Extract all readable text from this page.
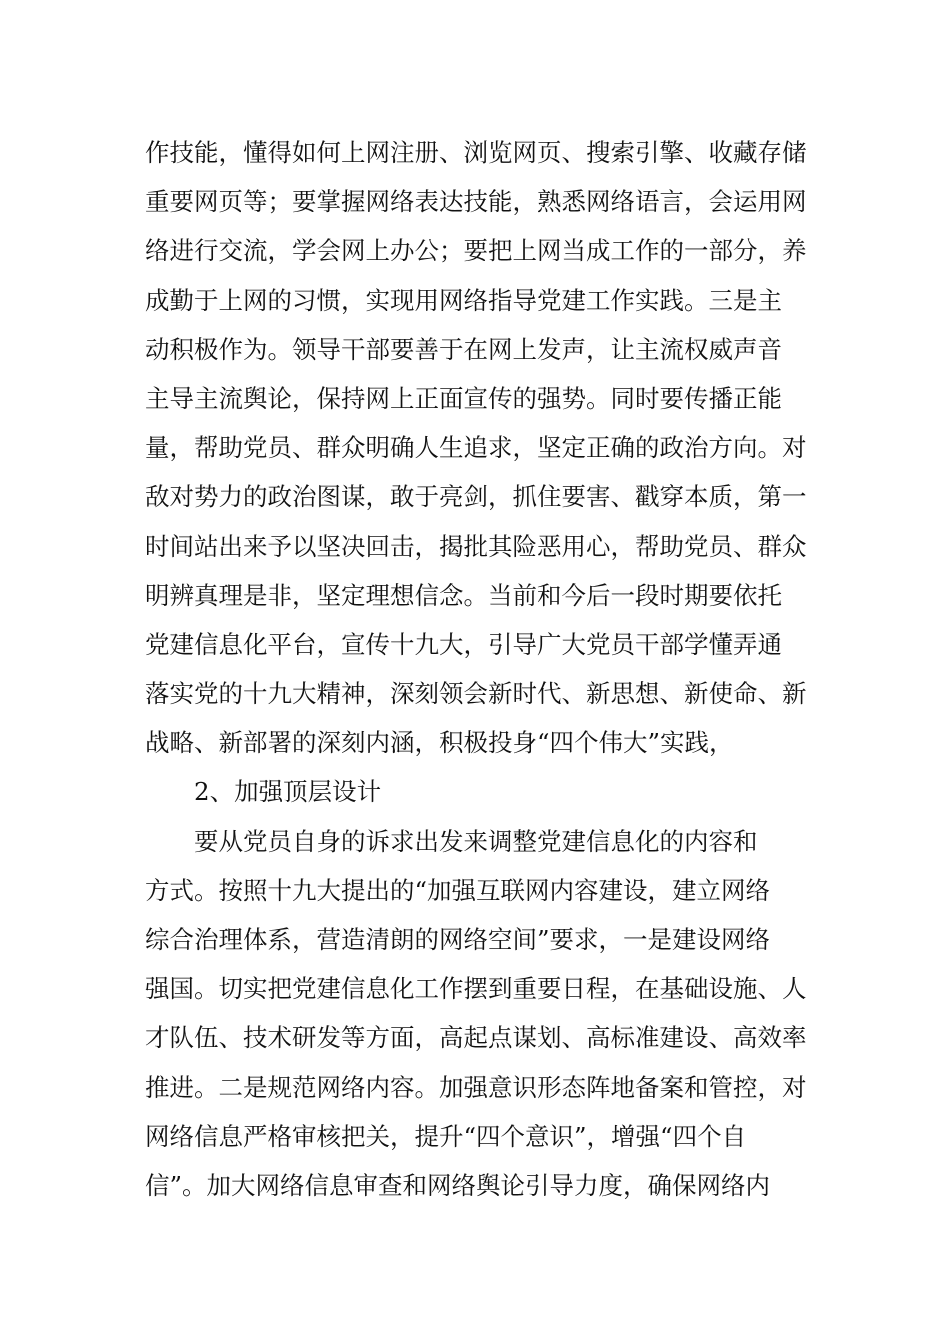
作技能，懂得如何上网注册、浏览网页、搜索引擎、收藏存储
重要网页等；要掌握网络表达技能，熟悉网络语言，会运用网
络进行交流，学会网上办公；要把上网当成工作的一部分，养
成勤于上网的习惯，实现用网络指导党建工作实践。三是主
动积极作为。领导干部要善于在网上发声，让主流权威声音
主导主流舆论，保持网上正面宣传的强势。同时要传播正能
量，帮助党员、群众明确人生追求，坚定正确的政治方向。对
敌对势力的政治图谋，敢于亮剑，抓住要害、戳穿本质，第一
时间站出来予以坚决回击，揭批其险恶用心，帮助党员、群众
明辨真理是非，坚定理想信念。当前和今后一段时期要依托
党建信息化平台，宣传十九大，引导广大党员干部学懂弄通
落实党的十九大精神，深刻领会新时代、新思想、新使命、新
战略、新部署的深刻内涵，积极投身“四个伟大”实践，
2、加强顶层设计
要从党员自身的诉求出发来调整党建信息化的内容和
方式。按照十九大提出的“加强互联网内容建设，建立网络
综合治理体系，营造清朗的网络空间”要求，一是建设网络
强国。切实把党建信息化工作摆到重要日程，在基础设施、人
才队伍、技术研发等方面，高起点谋划、高标准建设、高效率
推进。二是规范网络内容。加强意识形态阵地备案和管控，对
网络信息严格审核把关，提升“四个意识”，增强“四个自
信”。加大网络信息审查和网络舆论引导力度，确保网络内
